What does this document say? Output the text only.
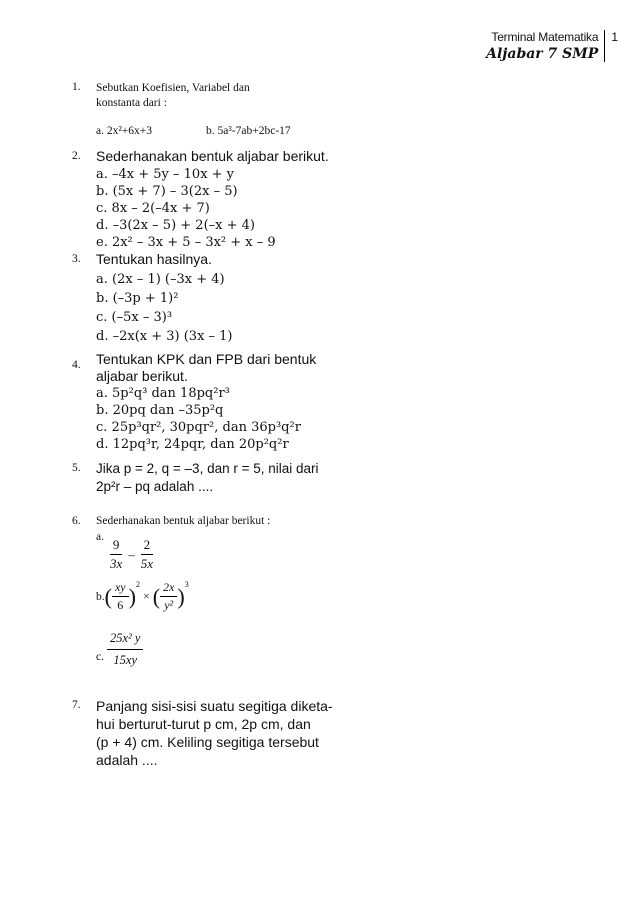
Terminal Matematika
Aljabar 7 SMP
1
1. Sebutkan Koefisien, Variabel dan
konstanta dari :
a. 2x²+6x+3	b. 5a³-7ab+2bc-17
2. Sederhanakan bentuk aljabar berikut.
a. –4x + 5y – 10x + y
b. (5x + 7) – 3(2x – 5)
c. 8x – 2(–4x + 7)
d. –3(2x – 5) + 2(–x + 4)
e. 2x² – 3x + 5 – 3x² + x – 9
3. Tentukan hasilnya.
a. (2x – 1) (–3x + 4)
b. (–3p + 1)²
c. (–5x – 3)³
d. –2x(x + 3) (3x – 1)
4. Tentukan KPK dan FPB dari bentuk
aljabar berikut.
a. 5p²q³ dan 18pq²r³
b. 20pq dan –35p²q
c. 25p³qr², 30pqr², dan 36p³q²r
d. 12pq³r, 24pqr, dan 20p²q²r
5. Jika p = 2, q = –3, dan r = 5, nilai dari
2p²r – pq adalah ....
6. Sederhanakan bentuk aljabar berikut :
a. $\frac{9}{3x} - \frac{2}{5x}$
b. ( $\frac{xy}{6} )^2$
× ( $\frac{2x}{\text{y²}} )^3$
c. $\frac{\text{25x² y}}{15xy}$
7. Panjang sisi-sisi suatu segitiga diketa-
hui berturut-turut p cm, 2p cm, dan
(p + 4) cm. Keliling segitiga tersebut
adalah ....
